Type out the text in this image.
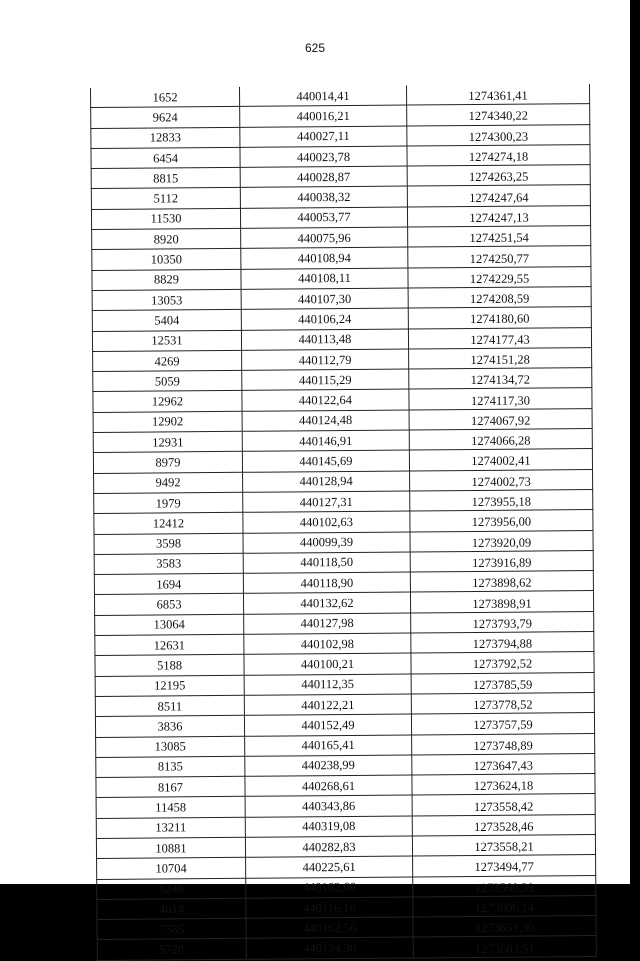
625
1652	440014,41	1274361,41
9624	440016,21	1274340,22
12833	440027,11	1274300,23
6454	440023,78	1274274,18
8815	440028,87	1274263,25
5112	440038,32	1274247,64
11530	440053,77	1274247,13
8920	440075,96	1274251,54
10350	440108,94	1274250,77
8829	440108,11	1274229,55
13053	440107,30	1274208,59
5404	440106,24	1274180,60
12531	440113,48	1274177,43
4269	440112,79	1274151,28
5059	440115,29	1274134,72
12962	440122,64	1274117,30
12902	440124,48	1274067,92
12931	440146,91	1274066,28
8979	440145,69	1274002,41
9492	440128,94	1274002,73
1979	440127,31	1273955,18
12412	440102,63	1273956,00
3598	440099,39	1273920,09
3583	440118,50	1273916,89
1694	440118,90	1273898,62
6853	440132,62	1273898,91
13064	440127,98	1273793,79
12631	440102,98	1273794,88
5188	440100,21	1273792,52
12195	440112,35	1273785,59
8511	440122,21	1273778,52
3836	440152,49	1273757,59
13085	440165,41	1273748,89
8135	440238,99	1273647,43
8167	440268,61	1273624,18
11458	440343,86	1273558,42
13211	440319,08	1273528,46
10881	440282,83	1273558,21
10704	440225,61	1273494,77
8248	440162,66	1273560,39
4614	440116,16	1273606,14
7585	440162,56	1273651,30
5728	440134,36	1273683,51
